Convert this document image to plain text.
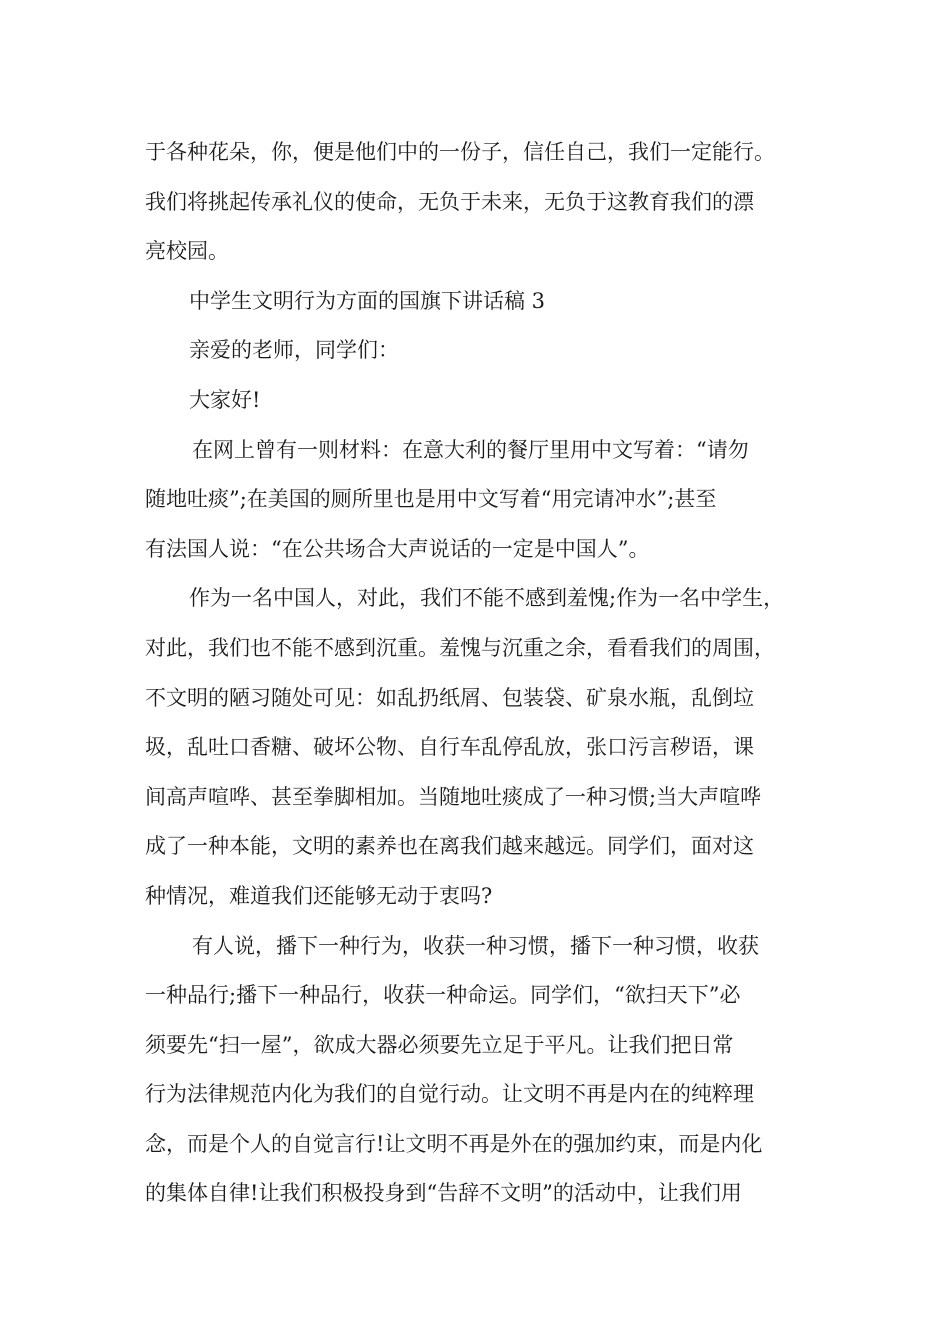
于各种花朵，你，便是他们中的一份子，信任自己，我们一定能行。

我们将挑起传承礼仪的使命，无负于未来，无负于这教育我们的漂

亮校园。

中学生文明行为方面的国旗下讲话稿 3

亲爱的老师，同学们：

大家好!

在网上曾有一则材料：在意大利的餐厅里用中文写着：“请勿

随地吐痰”;在美国的厕所里也是用中文写着“用完请冲水”;甚至

有法国人说：“在公共场合大声说话的一定是中国人”。

作为一名中国人，对此，我们不能不感到羞愧;作为一名中学生，

对此，我们也不能不感到沉重。羞愧与沉重之余，看看我们的周围，

不文明的陋习随处可见：如乱扔纸屑、包装袋、矿泉水瓶，乱倒垃

圾，乱吐口香糖、破坏公物、自行车乱停乱放，张口污言秽语，课

间高声喧哗、甚至拳脚相加。当随地吐痰成了一种习惯;当大声喧哗

成了一种本能，文明的素养也在离我们越来越远。同学们，面对这

种情况，难道我们还能够无动于衷吗?

有人说，播下一种行为，收获一种习惯，播下一种习惯，收获

一种品行;播下一种品行，收获一种命运。同学们，“欲扫天下”必

须要先“扫一屋”，欲成大器必须要先立足于平凡。让我们把日常

行为法律规范内化为我们的自觉行动。让文明不再是内在的纯粹理

念，而是个人的自觉言行!让文明不再是外在的强加约束，而是内化

的集体自律!让我们积极投身到“告辞不文明”的活动中，让我们用
